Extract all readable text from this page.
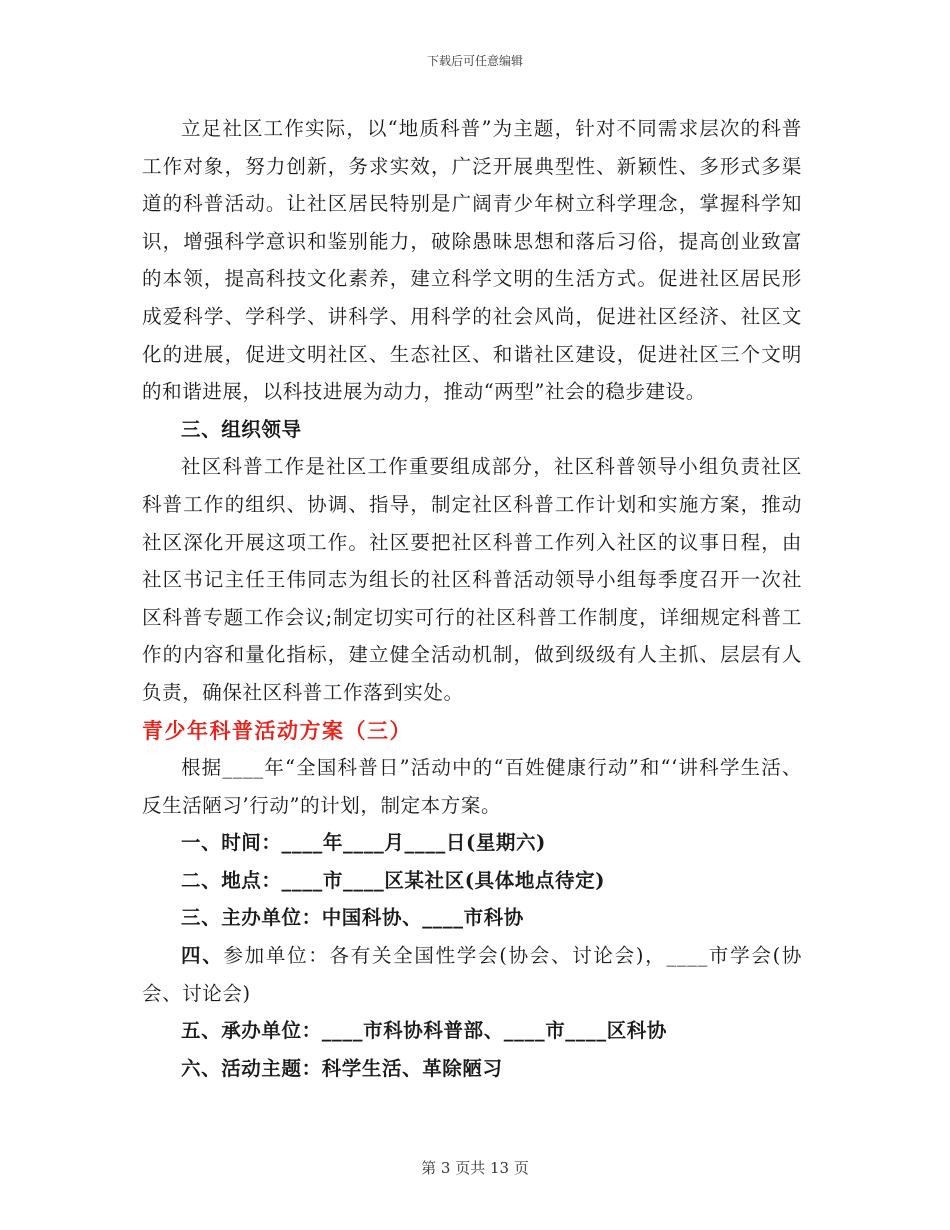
下载后可任意编辑

立足社区工作实际，以“地质科普”为主题，针对不同需求层次的科普工作对象，努力创新，务求实效，广泛开展典型性、新颖性、多形式多渠道的科普活动。让社区居民特别是广阔青少年树立科学理念，掌握科学知识，增强科学意识和鉴别能力，破除愚昧思想和落后习俗，提高创业致富的本领，提高科技文化素养，建立科学文明的生活方式。促进社区居民形成爱科学、学科学、讲科学、用科学的社会风尚，促进社区经济、社区文化的进展，促进文明社区、生态社区、和谐社区建设，促进社区三个文明的和谐进展，以科技进展为动力，推动“两型”社会的稳步建设。

三、组织领导

社区科普工作是社区工作重要组成部分，社区科普领导小组负责社区科普工作的组织、协调、指导，制定社区科普工作计划和实施方案，推动社区深化开展这项工作。社区要把社区科普工作列入社区的议事日程，由社区书记主任王伟同志为组长的社区科普活动领导小组每季度召开一次社区科普专题工作会议;制定切实可行的社区科普工作制度，详细规定科普工作的内容和量化指标，建立健全活动机制，做到级级有人主抓、层层有人负责，确保社区科普工作落到实处。

青少年科普活动方案（三）

根据____年“全国科普日”活动中的“百姓健康行动”和“‘讲科学生活、反生活陋习’行动”的计划，制定本方案。

一、时间：____年____月____日(星期六)

二、地点：____市____区某社区(具体地点待定)

三、主办单位：中国科协、____市科协

四、参加单位：各有关全国性学会(协会、讨论会)，____市学会(协会、讨论会)

五、承办单位：____市科协科普部、____市____区科协

六、活动主题：科学生活、革除陋习

第 3 页共 13 页
